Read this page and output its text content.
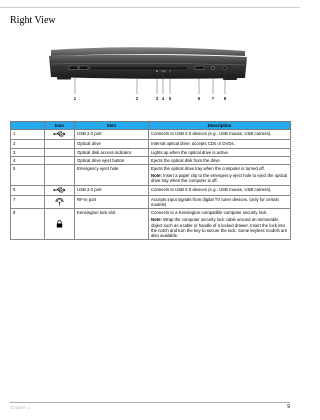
Right View
1	2	3 4 5	6	7 8
	Icon	Item	Description
1		USB 2.0 port	Connects to USB 2.0 devices (e.g., USB mouse, USB camera).
2		Optical drive	Internal optical drive; accepts CDs or DVDs.
3		Optical disk access indicator	Lights up when the optical drive is active.
4		Optical drive eject button	Ejects the optical disk from the drive.
5		Emergency eject hole	Ejects the optical drive tray when the computer is turned off.
Note: Insert a paper clip to the emergency eject hole to eject the optical drive tray when the computer is off.

6		USB 2.0 port	Connects to USB 2.0 devices (e.g., USB mouse, USB camera).
7		RF-in port	Accepts input signals from digital TV tuner devices. (only for certain models)
8		Kensington lock slot	Connects to a Kensington-compatible computer security lock.
Note: Wrap the computer security lock cable around an immovable object such as a table or handle of a locked drawer. Insert the lock into the notch and turn the key to secure the lock. Some keyless models are also available.
Chapter 1	9
